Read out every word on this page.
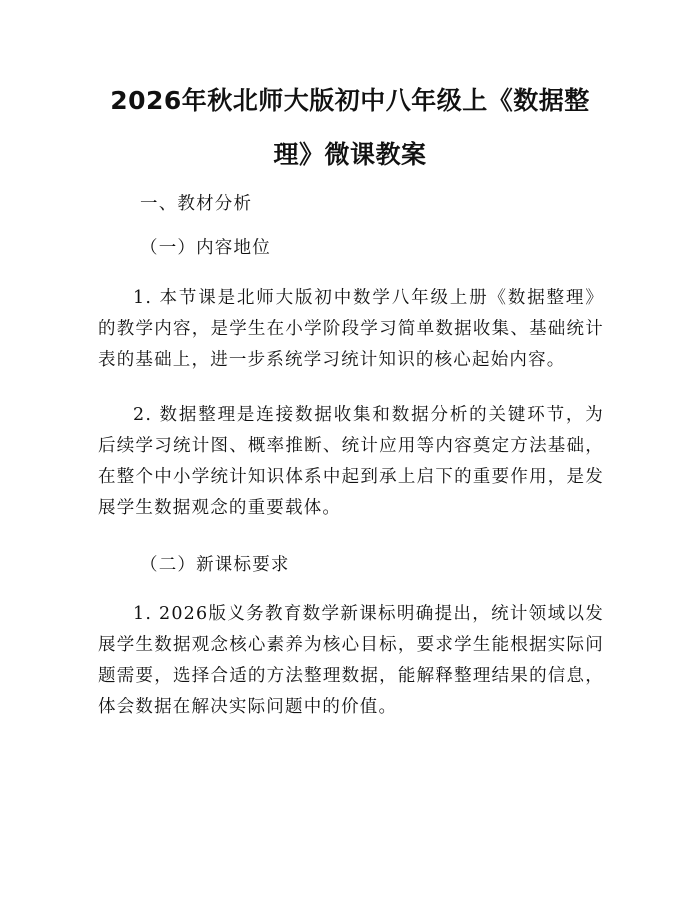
2026年秋北师大版初中八年级上《数据整理》微课教案
一、教材分析
（一）内容地位
1. 本节课是北师大版初中数学八年级上册《数据整理》的教学内容，是学生在小学阶段学习简单数据收集、基础统计表的基础上，进一步系统学习统计知识的核心起始内容。
2. 数据整理是连接数据收集和数据分析的关键环节，为后续学习统计图、概率推断、统计应用等内容奠定方法基础，在整个中小学统计知识体系中起到承上启下的重要作用，是发展学生数据观念的重要载体。
（二）新课标要求
1. 2026版义务教育数学新课标明确提出，统计领域以发展学生数据观念核心素养为核心目标，要求学生能根据实际问题需要，选择合适的方法整理数据，能解释整理结果的信息，体会数据在解决实际问题中的价值。
